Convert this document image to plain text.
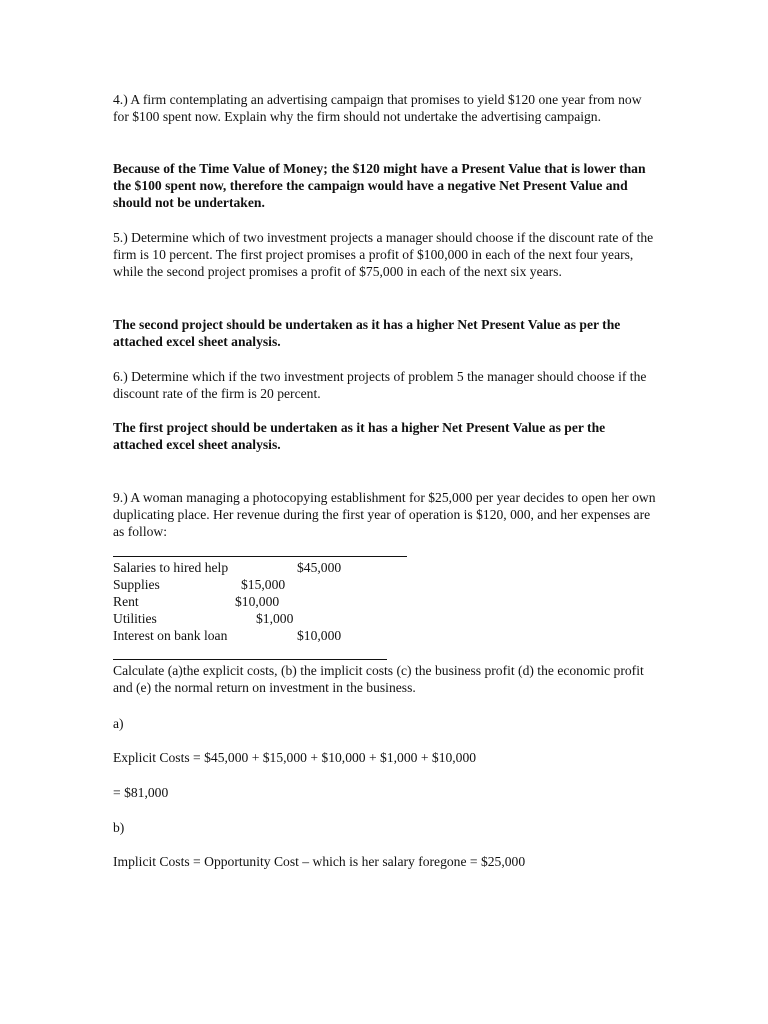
4.) A firm contemplating an advertising campaign that promises to yield $120 one year from now for $100 spent now. Explain why the firm should not undertake the advertising campaign.

Because of the Time Value of Money; the $120 might have a Present Value that is lower than the $100 spent now, therefore the campaign would have a negative Net Present Value and should not be undertaken.

5.) Determine which of two investment projects a manager should choose if the discount rate of the firm is 10 percent. The first project promises a profit of $100,000 in each of the next four years, while the second project promises a profit of $75,000 in each of the next six years.

The second project should be undertaken as it has a higher Net Present Value as per the attached excel sheet analysis.

6.) Determine which if the two investment projects of problem 5 the manager should choose if the discount rate of the firm is 20 percent.

The first project should be undertaken as it has a higher Net Present Value as per the attached excel sheet analysis.

9.) A woman managing a photocopying establishment for $25,000 per year decides to open her own duplicating place. Her revenue during the first year of operation is $120, 000, and her expenses are as follow:

Salaries to hired help	$45,000
Supplies	$15,000
Rent	$10,000
Utilities	$1,000
Interest on bank loan	$10,000

Calculate (a)the explicit costs, (b) the implicit costs (c) the business profit (d) the economic profit and (e) the normal return on investment in the business.

a)
Explicit Costs = $45,000 + $15,000 + $10,000 + $1,000 + $10,000
= $81,000
b)
Implicit Costs = Opportunity Cost – which is her salary foregone = $25,000
